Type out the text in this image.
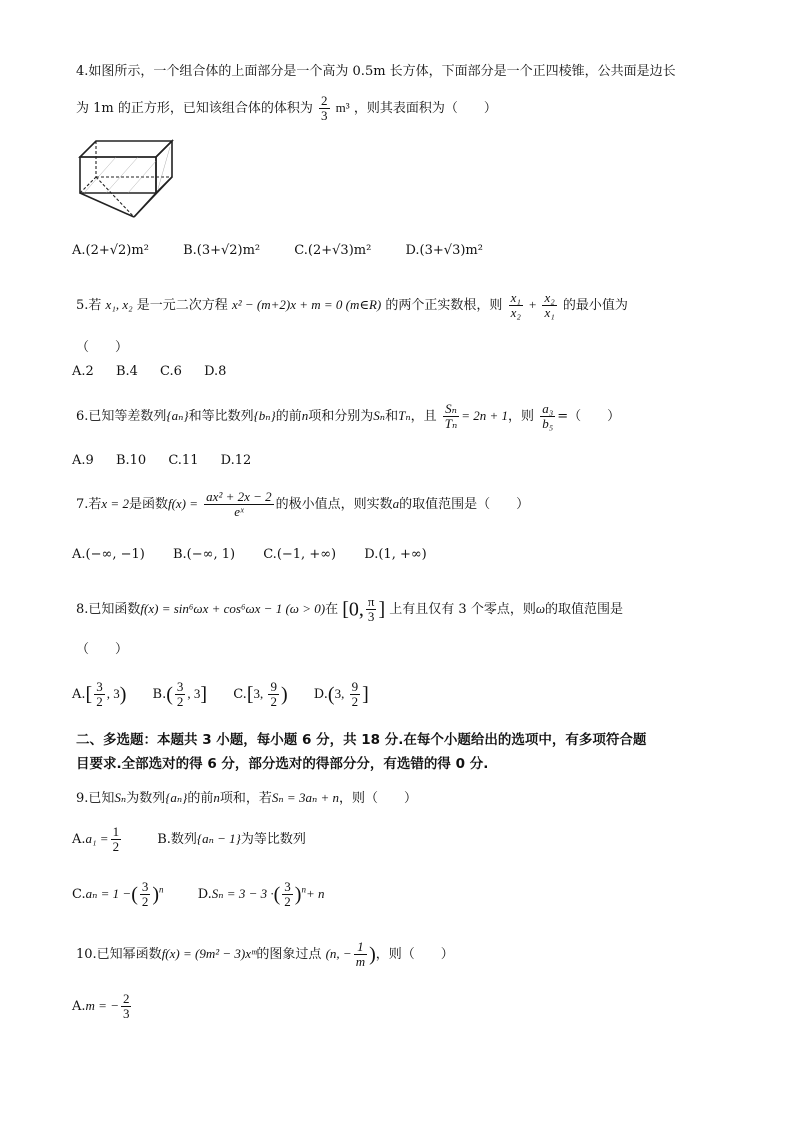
4.如图所示，一个组合体的上面部分是一个高为 0.5m 长方体，下面部分是一个正四棱锥，公共面是边长
为 1m 的正方形，已知该组合体的体积为 $\frac{2}{3} m^3$ ，则其表面积为（　　）
A.(2+√2)m²	B.(3+√2)m²	C.(2+√3)m²	D.(3+√3)m²
5.若 x₁, x₂ 是一元二次方程 x² − (m+2)x + m = 0 (m∈R) 的两个正实数根，则 $\frac{\text{x₁}}{\text{x₂}} + \frac{\text{x₂}}{\text{x₁}}$ 的最小值为
（　　）
A.2 B.4 C.6 D.8
6.已知等差数列{aₙ}和等比数列{bₙ}的前n项和分别为Sₙ和Tₙ，且 $\frac{\text{Sₙ}}{\text{Tₙ}} = 2n + 1$，则 $\frac{\text{a₃}}{\text{b₅}}$ =（　　）
A.9 B.10 C.11 D.12
7.若x = 2是函数$f(x) = \frac{\text{ax² + 2x − 2}}{\text{eˣ}}$ 的极小值点，则实数a的取值范围是（　　）
A.(−∞, −1) B.(−∞, 1) C.(−1, +∞) D.(1, +∞)
8.已知函数f(x) = sin⁶ωx + cos⁶ωx − 1 (ω > 0)在 [0, $\frac{\pi}{3}$ ] 上有且仅有 3 个零点，则ω的取值范围是
（　　）
$A.[ \frac{3}{2}$ , 3) $B.( \frac{3}{2}$ , 3] C.[3, $\frac{9}{2}$ ) D.(3, $\frac{9}{2}$ ]
二、多选题：本题共 3 小题，每小题 6 分，共 18 分.在每个小题给出的选项中，有多项符合题
目要求.全部选对的得 6 分，部分选对的得部分分，有选错的得 0 分.
9.已知Sₙ为数列{aₙ}的前n项和，若Sₙ = 3aₙ + n，则（　　）
$A.a_1 = \frac{1}{2}$	B.数列{aₙ − 1}为等比数列
C.aₙ = 1 −( $\frac{3}{2} )^n$	D.Sₙ = 3 − 3 ·( $\frac{3}{2} )^n+ n$
10.已知幂函数f(x) = (9m² − 3)xᵐ的图象过点 (n, − $\frac{1}{m}$ )，则（　　）
A.m = − $\frac{2}{3}$
